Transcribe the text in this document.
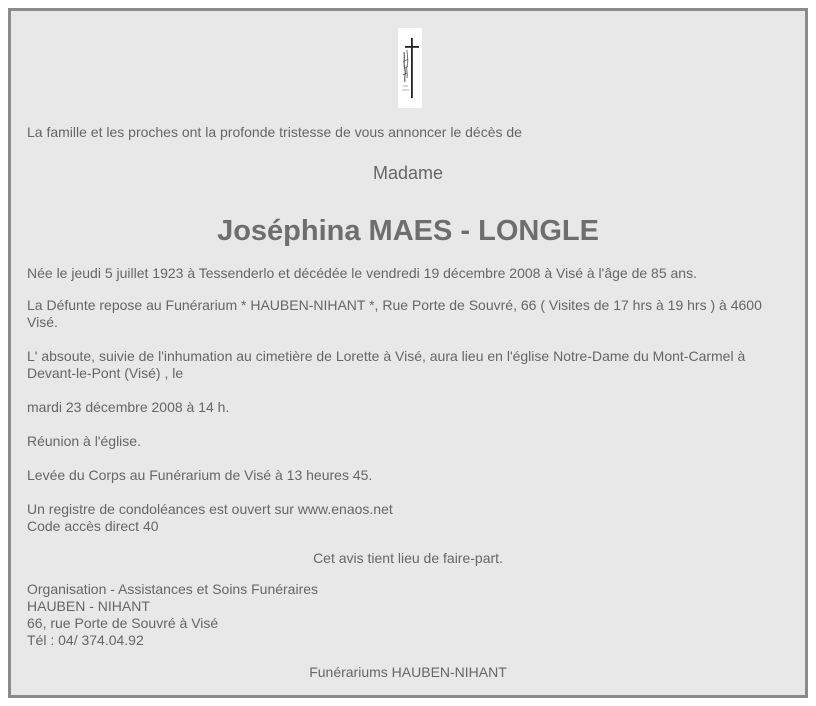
La famille et les proches ont la profonde tristesse de vous annoncer le décès de
Madame
Joséphina MAES - LONGLE
Née le jeudi 5 juillet 1923 à Tessenderlo et décédée le vendredi 19 décembre 2008 à Visé à l'âge de 85 ans.
La Défunte repose au Funérarium * HAUBEN-NIHANT *, Rue Porte de Souvré, 66 ( Visites de 17 hrs à 19 hrs ) à 4600 Visé.
L' absoute, suivie de l'inhumation au cimetière de Lorette à Visé, aura lieu en l'église Notre-Dame du Mont-Carmel à Devant-le-Pont (Visé) , le
mardi 23 décembre 2008 à 14 h.
Réunion à l'église.
Levée du Corps au Funérarium de Visé à 13 heures 45.
Un registre de condoléances est ouvert sur www.enaos.net
Code accès direct 40
Cet avis tient lieu de faire-part.
Organisation - Assistances et Soins Funéraires
HAUBEN - NIHANT
66, rue Porte de Souvré à Visé
Tél : 04/ 374.04.92
Funérariums HAUBEN-NIHANT
